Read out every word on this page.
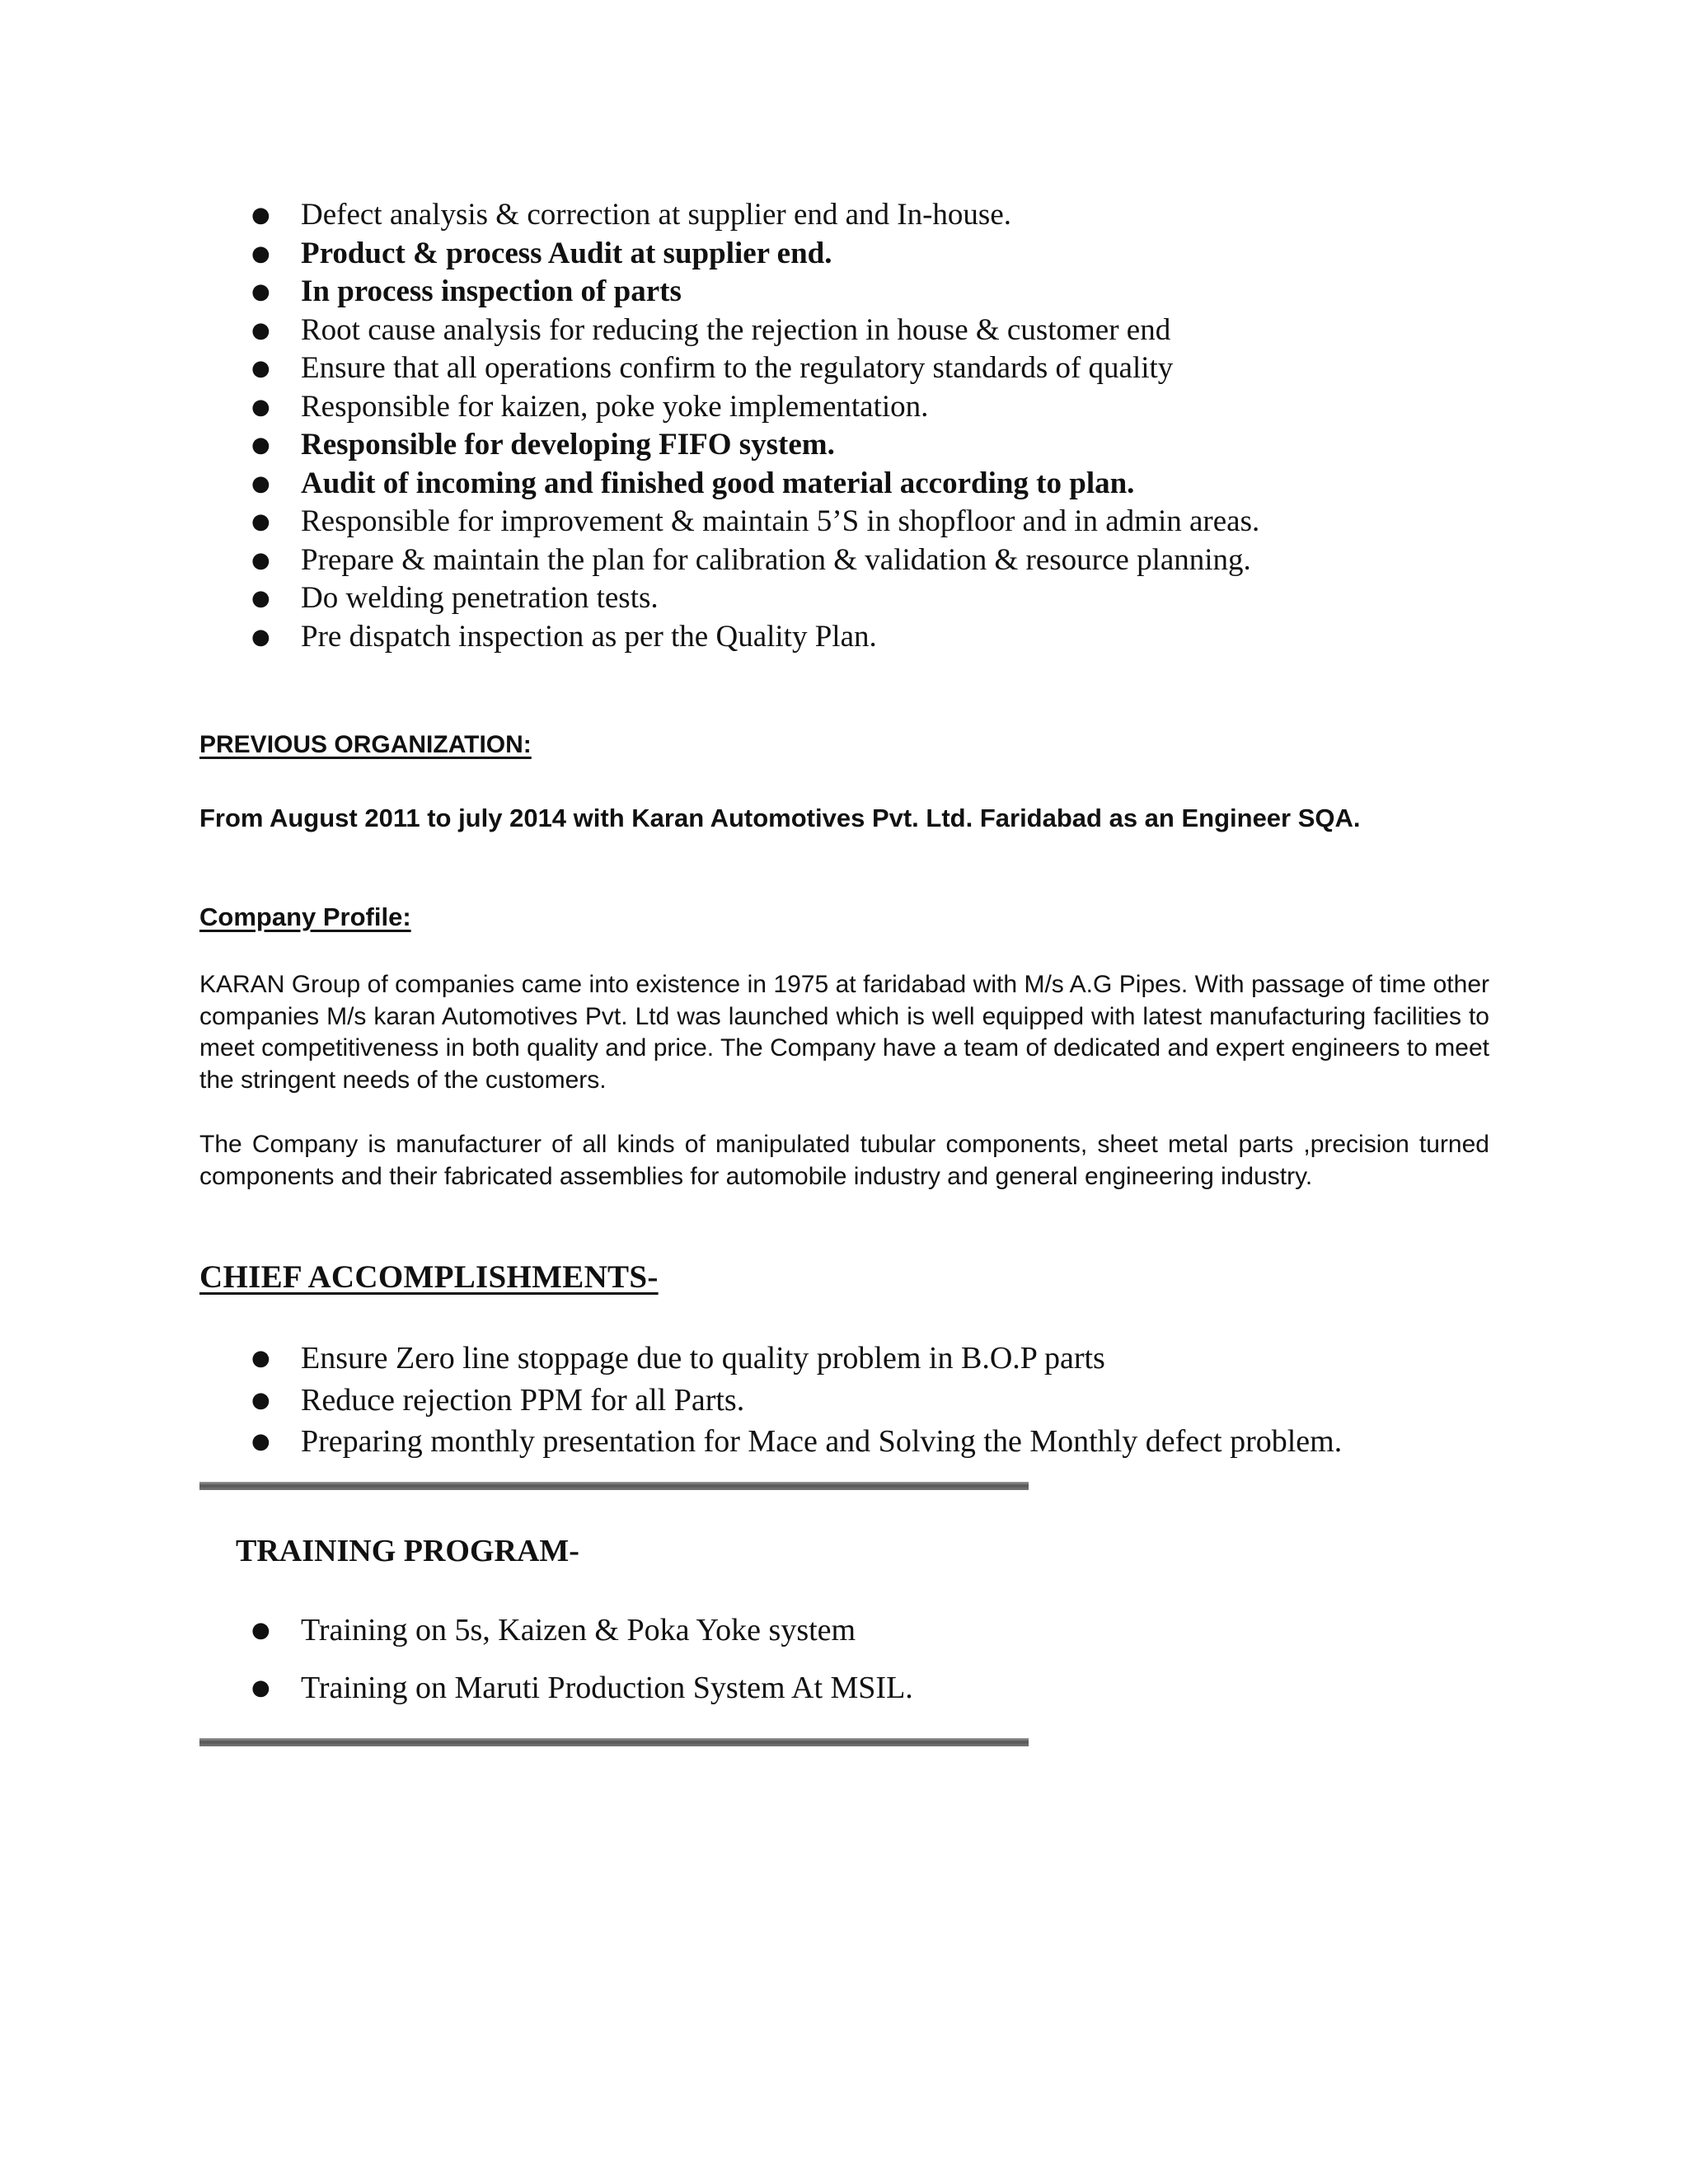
● Defect analysis & correction at supplier end and In-house.
● Product & process Audit at supplier end.
● In process inspection of parts
● Root cause analysis for reducing the rejection in house & customer end
● Ensure that all operations confirm to the regulatory standards of quality
● Responsible for kaizen, poke yoke implementation.
● Responsible for developing FIFO system.
● Audit of incoming and finished good material according to plan.
● Responsible for improvement & maintain 5’S in shopfloor and in admin areas.
● Prepare & maintain the plan for calibration & validation & resource planning.
● Do welding penetration tests.
● Pre dispatch inspection as per the Quality Plan.
PREVIOUS ORGANIZATION:
From August 2011 to july 2014 with Karan Automotives Pvt. Ltd. Faridabad as an Engineer SQA.
Company Profile:

KARAN Group of companies came into existence in 1975 at faridabad with M/s A.G Pipes. With passage of time other companies M/s karan Automotives Pvt. Ltd was launched which is well equipped with latest manufacturing facilities to meet competitiveness in both quality and price. The Company have a team of dedicated and expert engineers to meet the stringent needs of the customers.

The Company is manufacturer of all kinds of manipulated tubular components, sheet metal parts ,precision turned components and their fabricated assemblies for automobile industry and general engineering industry.

CHIEF ACCOMPLISHMENTS-
● Ensure Zero line stoppage due to quality problem in B.O.P parts
● Reduce rejection PPM for all Parts.
● Preparing monthly presentation for Mace and Solving the Monthly defect problem.
TRAINING PROGRAM-
● Training on 5s, Kaizen & Poka Yoke system
● Training on Maruti Production System At MSIL.
